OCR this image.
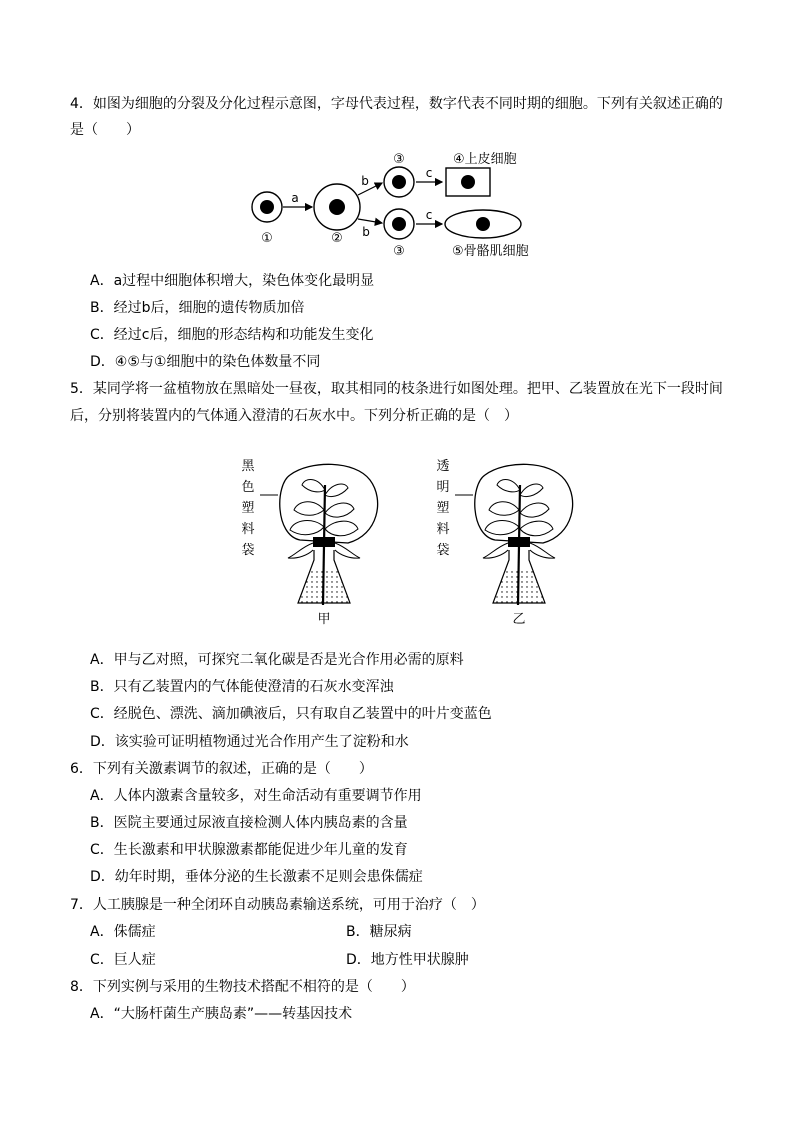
4．如图为细胞的分裂及分化过程示意图，字母代表过程，数字代表不同时期的细胞。下列有关叙述正确的
是（　　）
①
a
②
b
b
③
③
c
c
④上皮细胞
⑤骨骼肌细胞
A．a过程中细胞体积增大，染色体变化最明显
B．经过b后，细胞的遗传物质加倍
C．经过c后，细胞的形态结构和功能发生变化
D．④⑤与①细胞中的染色体数量不同
5．某同学将一盆植物放在黑暗处一昼夜，取其相同的枝条进行如图处理。把甲、乙装置放在光下一段时间
后，分别将装置内的气体通入澄清的石灰水中。下列分析正确的是（　）
黑
色
塑
料
袋
甲
透
明
塑
料
袋
乙
A．甲与乙对照，可探究二氧化碳是否是光合作用必需的原料
B．只有乙装置内的气体能使澄清的石灰水变浑浊
C．经脱色、漂洗、滴加碘液后，只有取自乙装置中的叶片变蓝色
D．该实验可证明植物通过光合作用产生了淀粉和水
6．下列有关激素调节的叙述，正确的是（　　）
A．人体内激素含量较多，对生命活动有重要调节作用
B．医院主要通过尿液直接检测人体内胰岛素的含量
C．生长激素和甲状腺激素都能促进少年儿童的发育
D．幼年时期，垂体分泌的生长激素不足则会患侏儒症
7．人工胰腺是一种全闭环自动胰岛素输送系统，可用于治疗（　）
A．侏儒症	B．糖尿病
C．巨人症	D．地方性甲状腺肿
8．下列实例与采用的生物技术搭配不相符的是（　　）
A．“大肠杆菌生产胰岛素”——转基因技术
